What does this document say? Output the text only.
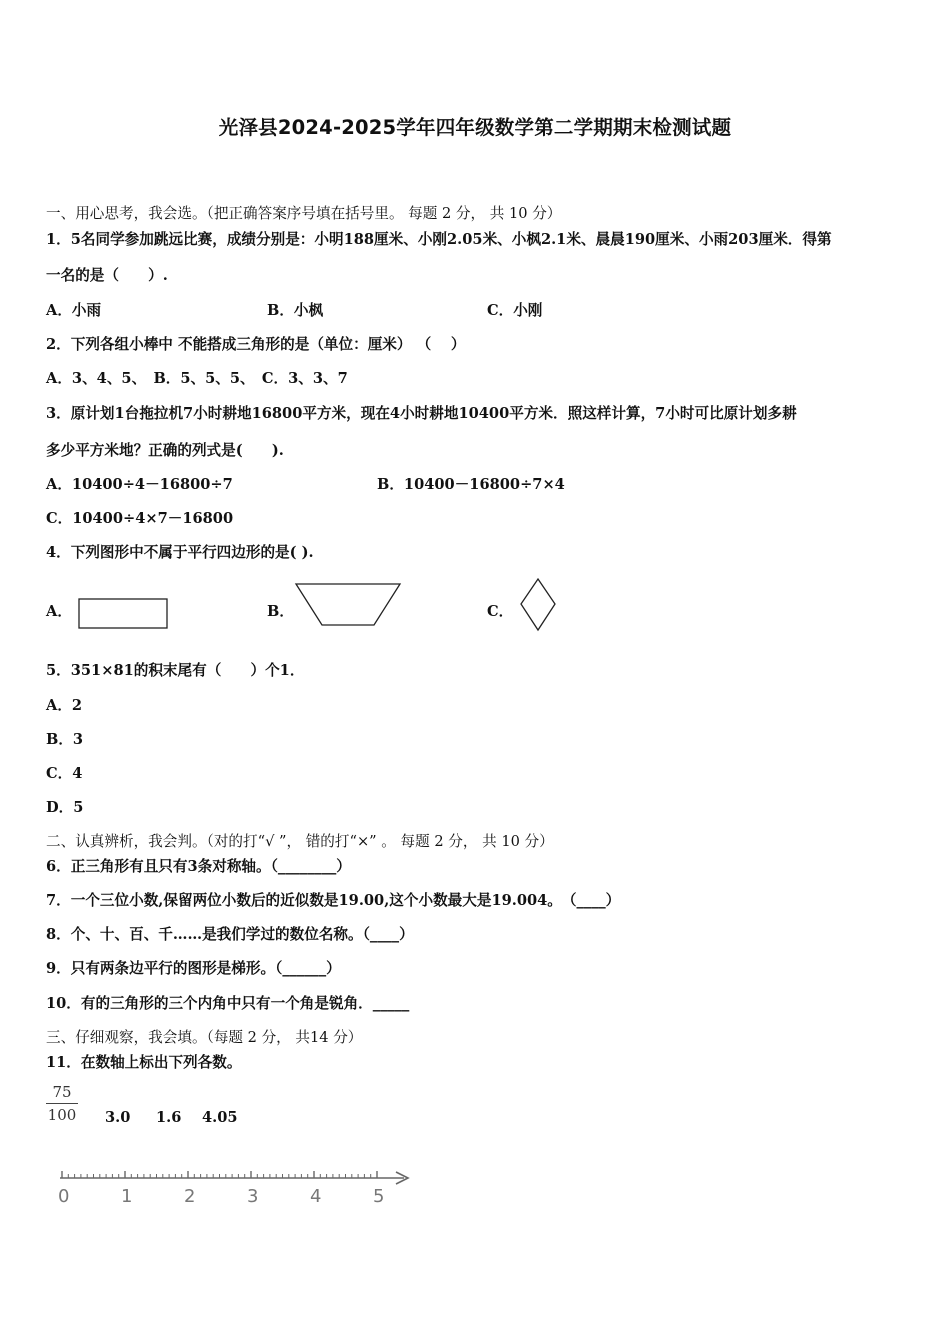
光泽县2024-2025学年四年级数学第二学期期末检测试题
一、用心思考，我会选。（把正确答案序号填在括号里。 每题 2 分， 共 10 分）
1．5名同学参加跳远比赛，成绩分别是：小明188厘米、小刚2.05米、小枫2.1米、晨晨190厘米、小雨203厘米．得第
一名的是（　　）.
A．小雨	B．小枫	C．小刚
2．下列各组小棒中 不能搭成三角形的是（单位：厘米） （　 ）
A．3、4、5、　B．5、5、5、　C．3、3、7
3．原计划1台拖拉机7小时耕地16800平方米，现在4小时耕地10400平方米．照这样计算，7小时可比原计划多耕
多少平方米地？正确的列式是(　　).
A．10400÷4－16800÷7	B．10400－16800÷7×4
C．10400÷4×7－16800
4．下列图形中不属于平行四边形的是( ).
A．	B．	C．
5．351×81的积末尾有（　　）个1．
A．2
B．3
C．4
D．5
二、认真辨析，我会判。（对的打“√ ”， 错的打“×” 。 每题 2 分， 共 10 分）
6．正三角形有且只有3条对称轴。（________）
7．一个三位小数,保留两位小数后的近似数是19.00,这个小数最大是19.004。　（____）
8．个、十、百、千……是我们学过的数位名称。（____）
9．只有两条边平行的图形是梯形。（______）
10．有的三角形的三个内角中只有一个角是锐角．_____
三、仔细观察，我会填。（每题 2 分， 共14 分）
11．在数轴上标出下列各数。
75
100 3.0 1.6 4.05
0	1	2	3	4	5
